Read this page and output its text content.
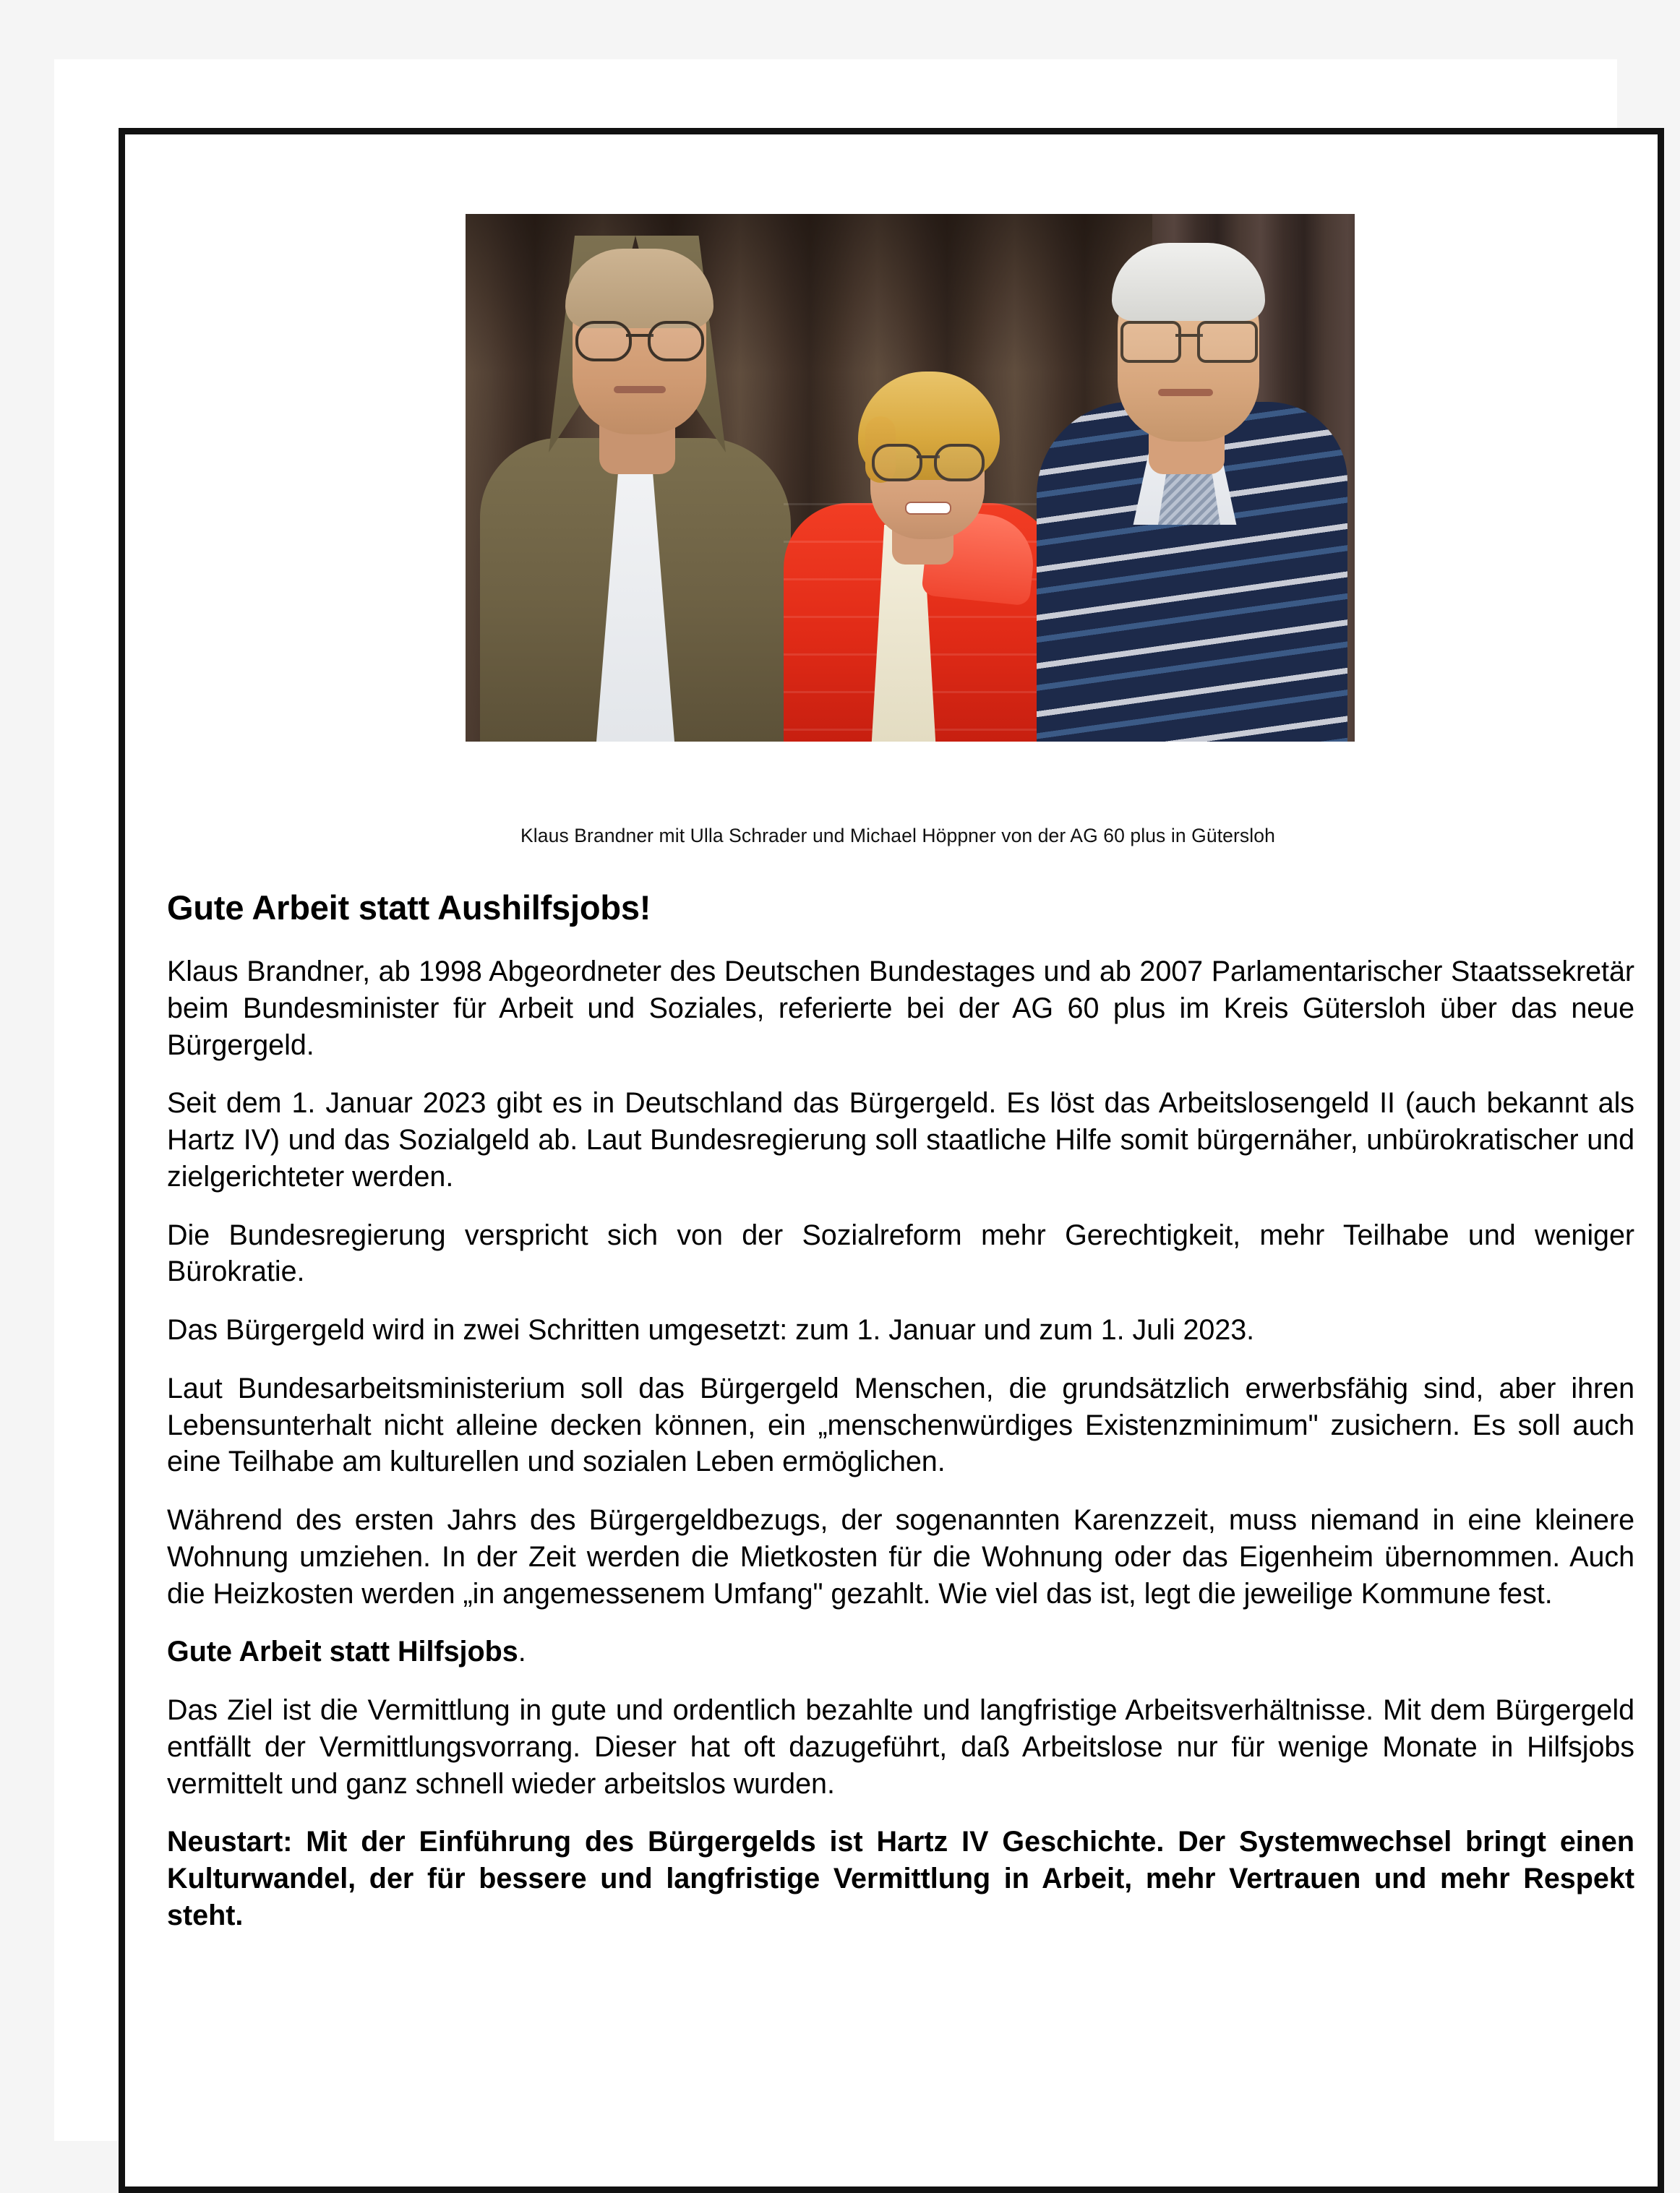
Klaus Brandner mit Ulla Schrader und Michael Höppner von der AG 60 plus in Gütersloh
Gute Arbeit statt Aushilfsjobs!

Klaus Brandner, ab 1998 Abgeordneter des Deutschen Bundestages und ab 2007 Parlamentarischer Staatssekretär beim Bundesminister für Arbeit und Soziales, referierte bei der AG 60 plus im Kreis Gütersloh über das neue Bürgergeld.

Seit dem 1. Januar 2023 gibt es in Deutschland das Bürgergeld. Es löst das Arbeitslosengeld II (auch bekannt als Hartz IV) und das Sozialgeld ab. Laut Bundesregierung soll staatliche Hilfe somit bürgernäher, unbürokratischer und zielgerichteter werden.

Die Bundesregierung verspricht sich von der Sozialreform mehr Gerechtigkeit, mehr Teilhabe und weniger Bürokratie.

Das Bürgergeld wird in zwei Schritten umgesetzt: zum 1. Januar und zum 1. Juli 2023.

Laut Bundesarbeitsministerium soll das Bürgergeld Menschen, die grundsätzlich erwerbsfähig sind, aber ihren Lebensunterhalt nicht alleine decken können, ein „menschenwürdiges Existenzminimum" zusichern. Es soll auch eine Teilhabe am kulturellen und sozialen Leben ermöglichen.

Während des ersten Jahrs des Bürgergeldbezugs, der sogenannten Karenzzeit, muss niemand in eine kleinere Wohnung umziehen. In der Zeit werden die Mietkosten für die Wohnung oder das Eigenheim übernommen. Auch die Heizkosten werden „in angemessenem Umfang" gezahlt. Wie viel das ist, legt die jeweilige Kommune fest.

Gute Arbeit statt Hilfsjobs.

Das Ziel ist die Vermittlung in gute und ordentlich bezahlte und langfristige Arbeitsverhältnisse. Mit dem Bürgergeld entfällt der Vermittlungsvorrang. Dieser hat oft dazugeführt, daß Arbeitslose nur für wenige Monate in Hilfsjobs vermittelt und ganz schnell wieder arbeitslos wurden.

Neustart: Mit der Einführung des Bürgergelds ist Hartz IV Geschichte. Der Systemwechsel bringt einen Kulturwandel, der für bessere und langfristige Vermittlung in Arbeit, mehr Vertrauen und mehr Respekt steht.
